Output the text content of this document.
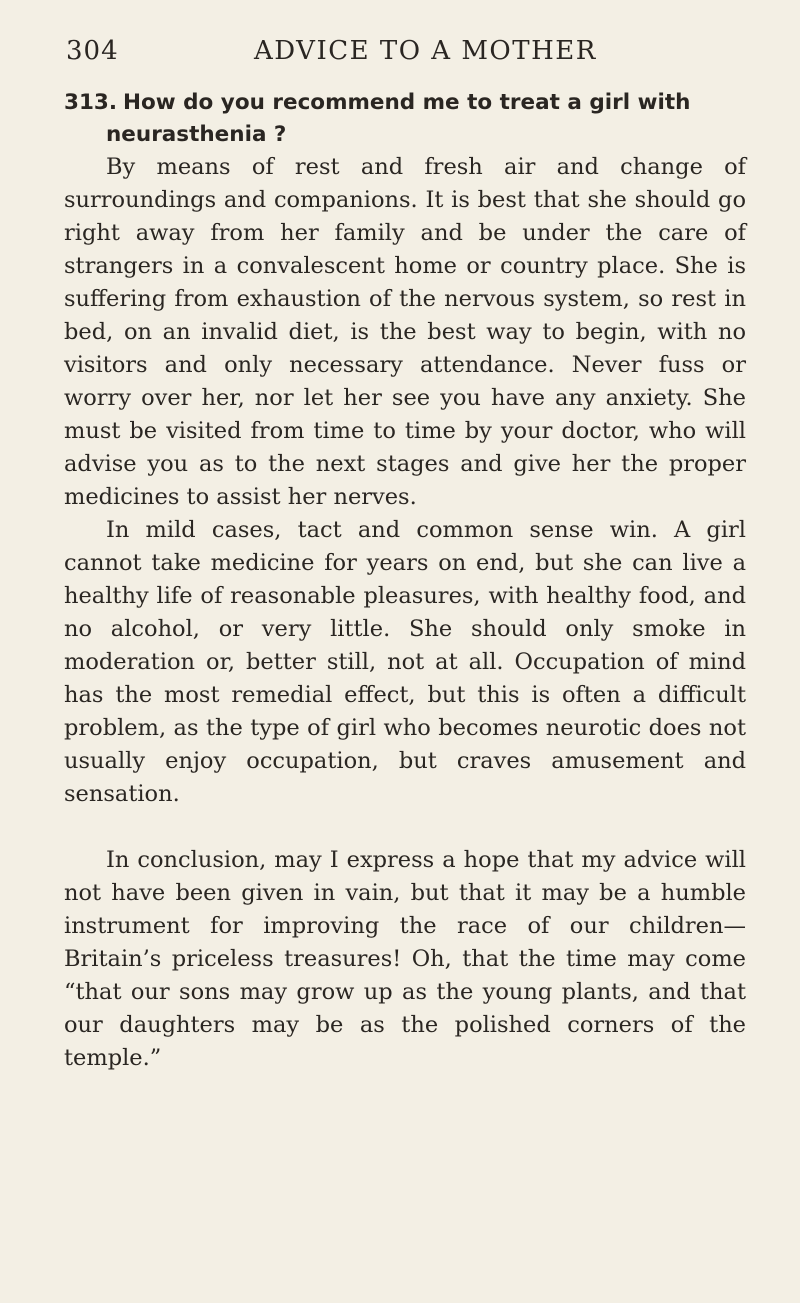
304	ADVICE TO A MOTHER

313. How do you recommend me to treat a girl with
neurasthenia ?

By means of rest and fresh air and change of surroundings and companions. It is best that she should go right away from her family and be under the care of strangers in a convalescent home or country place. She is suffering from exhaustion of the nervous system, so rest in bed, on an invalid diet, is the best way to begin, with no visitors and only necessary attendance. Never fuss or worry over her, nor let her see you have any anxiety. She must be visited from time to time by your doctor, who will advise you as to the next stages and give her the proper medicines to assist her nerves.

In mild cases, tact and common sense win. A girl cannot take medicine for years on end, but she can live a healthy life of reasonable pleasures, with healthy food, and no alcohol, or very little. She should only smoke in moderation or, better still, not at all. Occupation of mind has the most remedial effect, but this is often a difficult problem, as the type of girl who becomes neurotic does not usually enjoy occupation, but craves amusement and sensation.

In conclusion, may I express a hope that my advice will not have been given in vain, but that it may be a humble instrument for improving the race of our children—Britain’s priceless treasures! Oh, that the time may come “that our sons may grow up as the young plants, and that our daughters may be as the polished corners of the temple.”
